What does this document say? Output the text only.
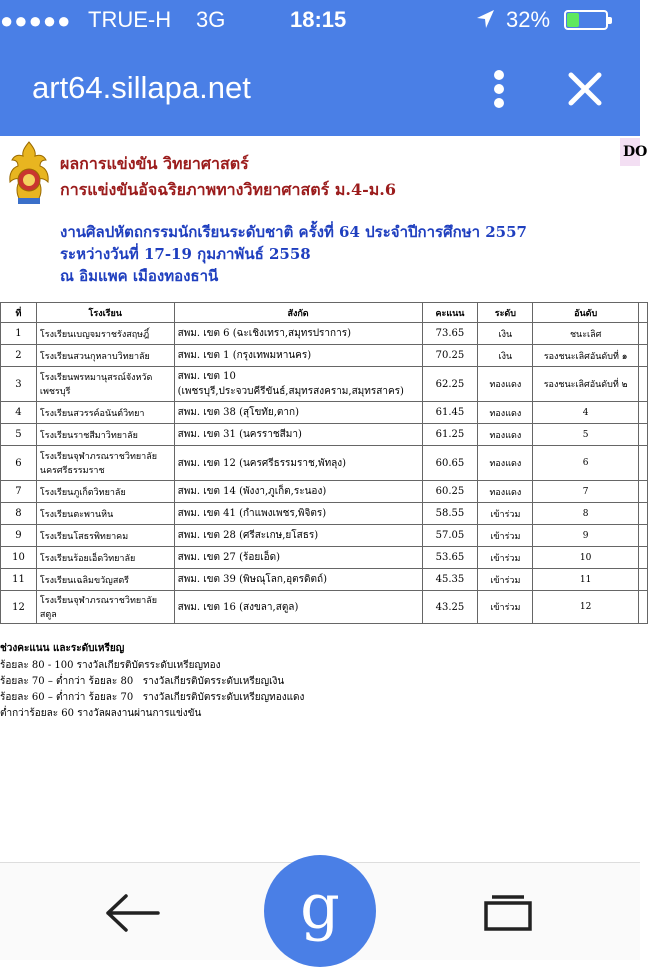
●●●●● TRUE-H 3G	18:15	32%
art64.sillapa.net
ผลการแข่งขัน วิทยาศาสตร์
การแข่งขันอัจฉริยภาพทางวิทยาศาสตร์ ม.4-ม.6
DO
งานศิลปหัตถกรรมนักเรียนระดับชาติ ครั้งที่ 64 ประจำปีการศึกษา 2557
ระหว่างวันที่ 17-19 กุมภาพันธ์ 2558
ณ อิมแพค เมืองทองธานี
ที่	โรงเรียน	สังกัด	คะแนน	ระดับ	อันดับ	
1	โรงเรียนเบญจมราชรังสฤษฎิ์	สพม. เขต 6 (ฉะเชิงเทรา,สมุทรปราการ)	73.65	เงิน	ชนะเลิศ	
2	โรงเรียนสวนกุหลาบวิทยาลัย	สพม. เขต 1 (กรุงเทพมหานคร)	70.25	เงิน	รองชนะเลิศอันดับที่ ๑	
3	โรงเรียนพรหมานุสรณ์จังหวัดเพชรบุรี	สพม. เขต 10
(เพชรบุรี,ประจวบคีรีขันธ์,สมุทรสงคราม,สมุทรสาคร)	62.25	ทองแดง	รองชนะเลิศอันดับที่ ๒	
4	โรงเรียนสวรรค์อนันต์วิทยา	สพม. เขต 38 (สุโขทัย,ตาก)	61.45	ทองแดง	4	
5	โรงเรียนราชสีมาวิทยาลัย	สพม. เขต 31 (นครราชสีมา)	61.25	ทองแดง	5	
6	โรงเรียนจุฬาภรณราชวิทยาลัย
นครศรีธรรมราช	สพม. เขต 12 (นครศรีธรรมราช,พัทลุง)	60.65	ทองแดง	6	
7	โรงเรียนภูเก็ตวิทยาลัย	สพม. เขต 14 (พังงา,ภูเก็ต,ระนอง)	60.25	ทองแดง	7	
8	โรงเรียนตะพานหิน	สพม. เขต 41 (กำแพงเพชร,พิจิตร)	58.55	เข้าร่วม	8	
9	โรงเรียนโสธรพิทยาคม	สพม. เขต 28 (ศรีสะเกษ,ยโสธร)	57.05	เข้าร่วม	9	
10	โรงเรียนร้อยเอ็ดวิทยาลัย	สพม. เขต 27 (ร้อยเอ็ด)	53.65	เข้าร่วม	10	
11	โรงเรียนเฉลิมขวัญสตรี	สพม. เขต 39 (พิษณุโลก,อุตรดิตถ์)	45.35	เข้าร่วม	11	
12	โรงเรียนจุฬาภรณราชวิทยาลัย สตูล	สพม. เขต 16 (สงขลา,สตูล)	43.25	เข้าร่วม	12	
ช่วงคะแนน และระดับเหรียญ
ร้อยละ 80 - 100 รางวัลเกียรติบัตรระดับเหรียญทอง
ร้อยละ 70 – ต่ำกว่า ร้อยละ 80   รางวัลเกียรติบัตรระดับเหรียญเงิน
ร้อยละ 60 – ต่ำกว่า ร้อยละ 70   รางวัลเกียรติบัตรระดับเหรียญทองแดง
ต่ำกว่าร้อยละ 60 รางวัลผลงานผ่านการแข่งขัน
g
